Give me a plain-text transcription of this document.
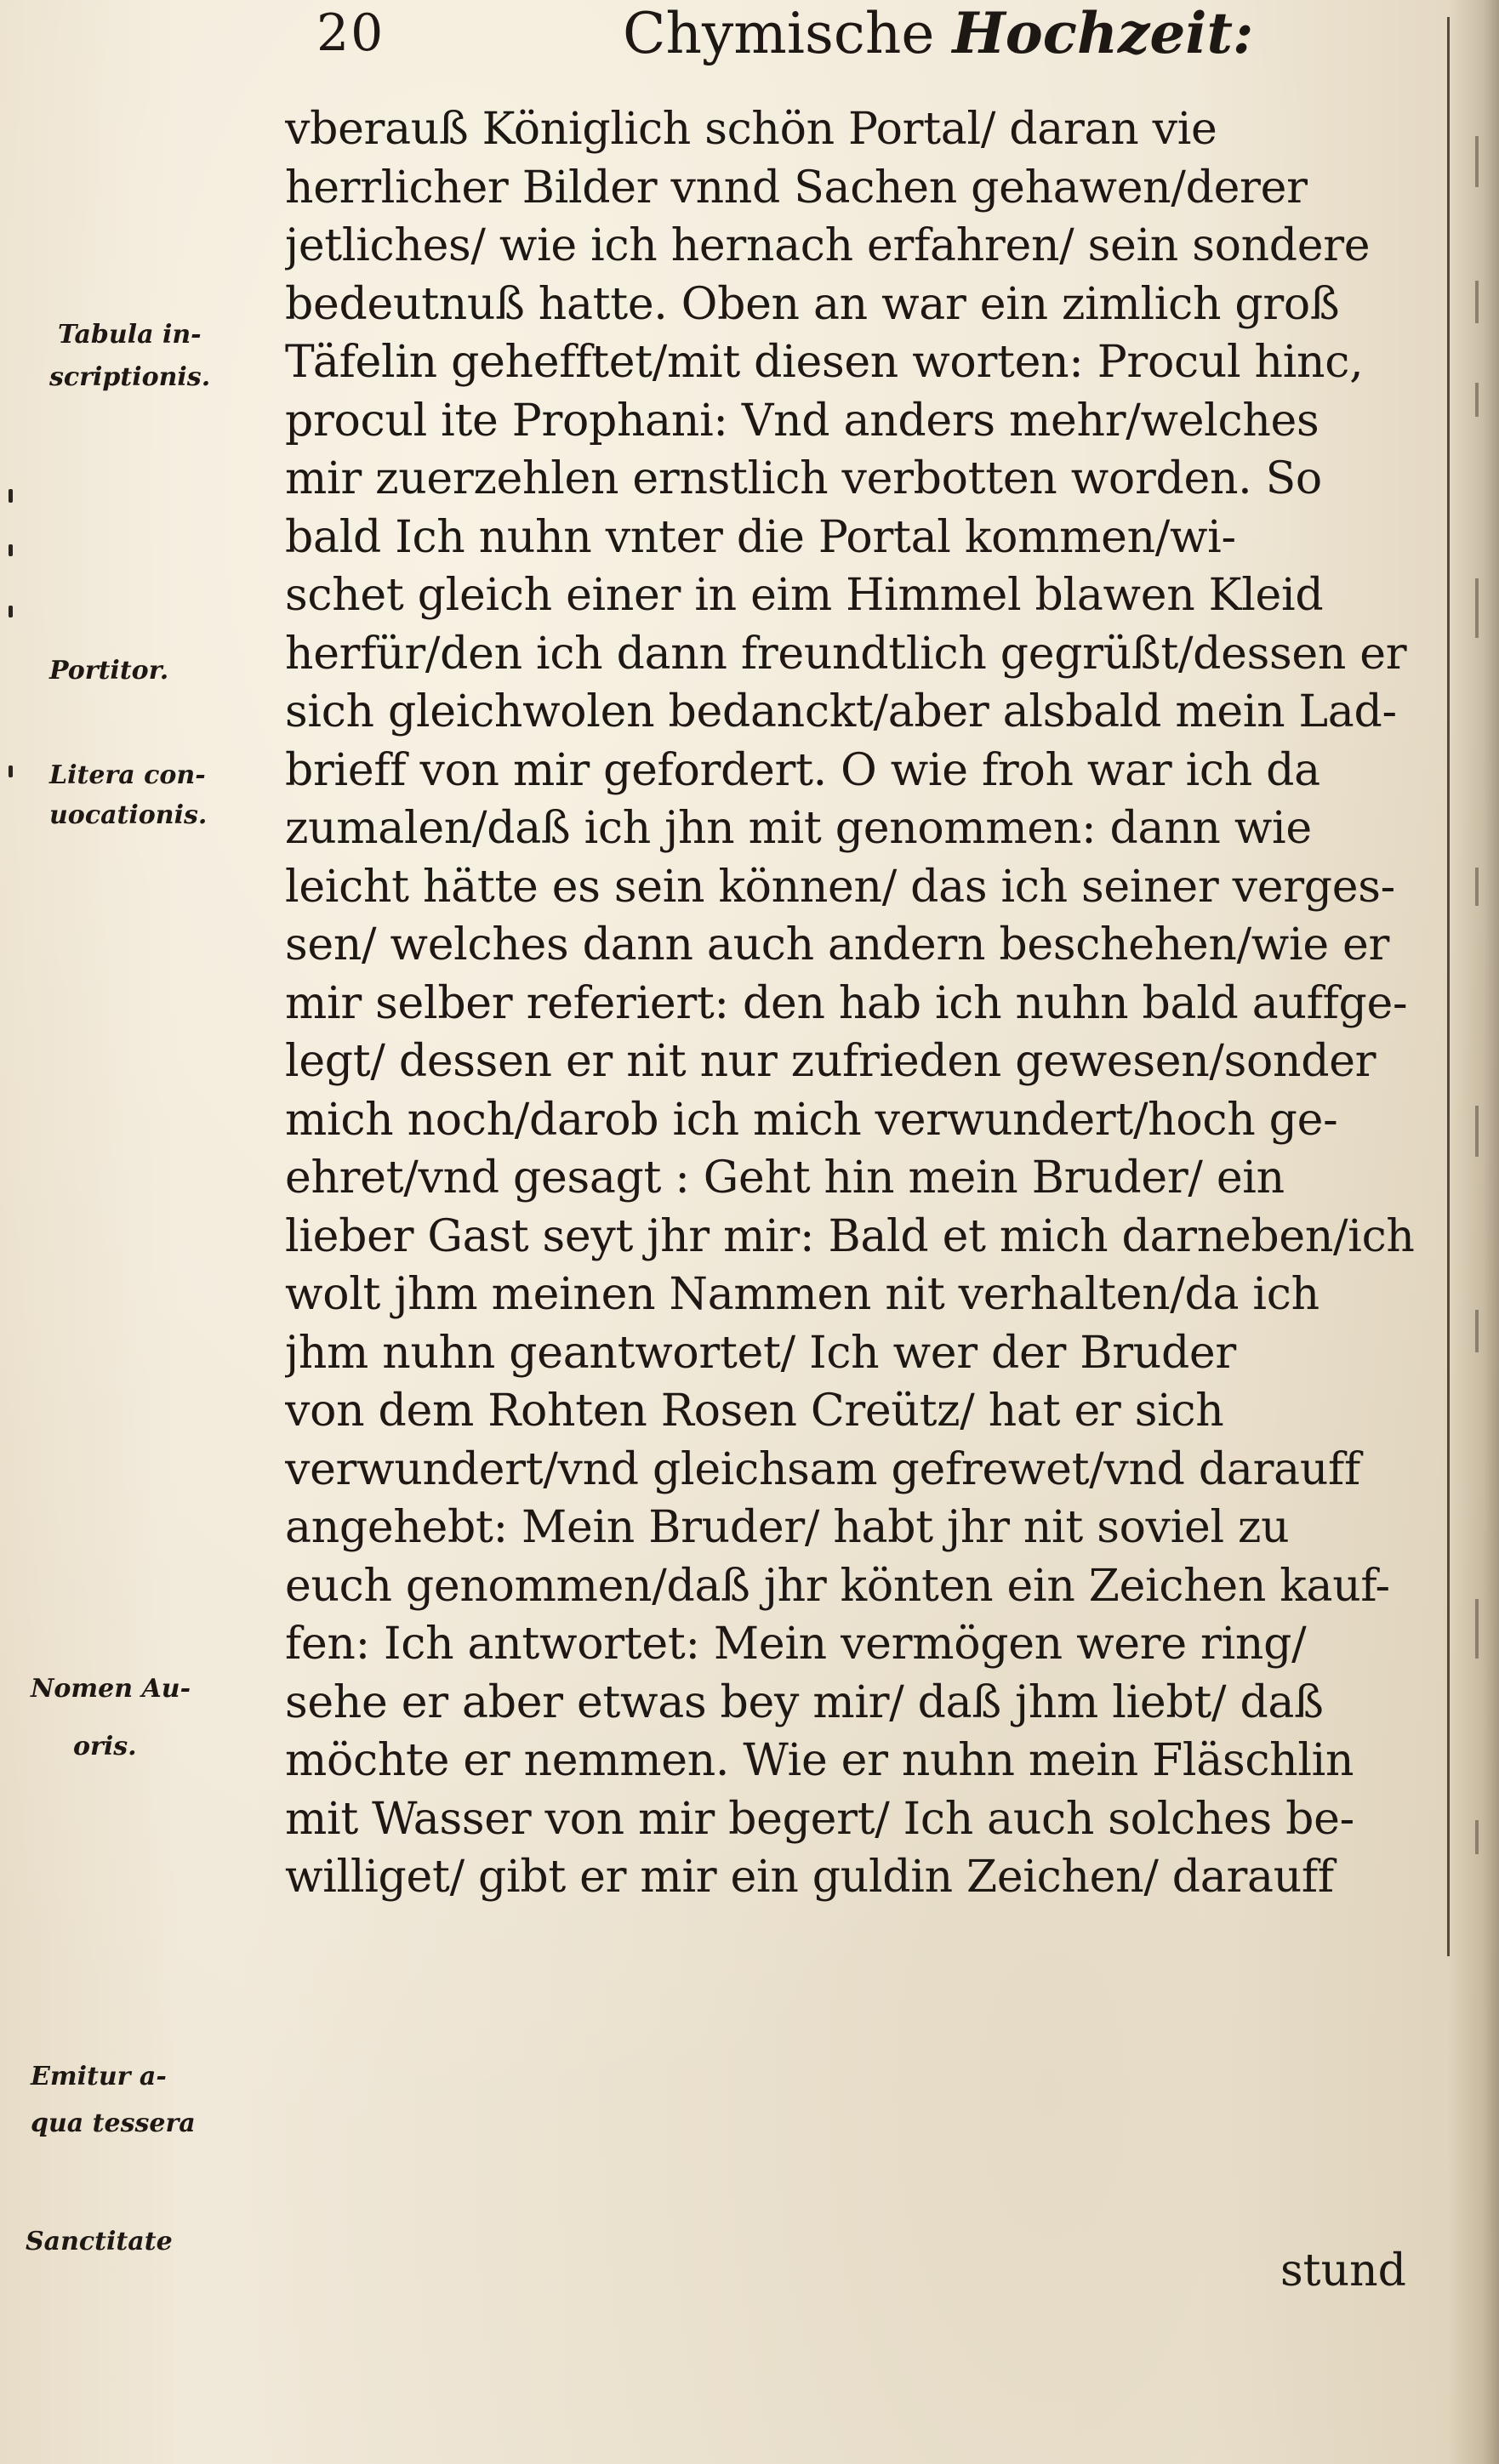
20	Chymische Hochzeit:
Tabula in-
scriptionis.
Portitor.
Litera con-
uocationis.
Nomen Au-
oris.
Emitur a-
qua tessera
Sanctitate
vberauß Königlich schön Portal/ daran vie
herrlicher Bilder vnnd Sachen gehawen/derer
jetliches/ wie ich hernach erfahren/ sein sondere
bedeutnuß hatte. Oben an war ein zimlich groß
Täfelin gehefftet/mit diesen worten: Procul hinc,
procul ite Prophani: Vnd anders mehr/welches
mir zuerzehlen ernstlich verbotten worden. So
bald Ich nuhn vnter die Portal kommen/wi-
schet gleich einer in eim Himmel blawen Kleid
herfür/den ich dann freundtlich gegrüßt/dessen er
sich gleichwolen bedanckt/aber alsbald mein Lad-
brieff von mir gefordert. O wie froh war ich da
zumalen/daß ich jhn mit genommen: dann wie
leicht hätte es sein können/ das ich seiner verges-
sen/ welches dann auch andern beschehen/wie er
mir selber referiert: den hab ich nuhn bald auffge-
legt/ dessen er nit nur zufrieden gewesen/sonder
mich noch/darob ich mich verwundert/hoch ge-
ehret/vnd gesagt : Geht hin mein Bruder/ ein
lieber Gast seyt jhr mir: Bald et mich darneben/ich
wolt jhm meinen Nammen nit verhalten/da ich
jhm nuhn geantwortet/ Ich wer der Bruder
von dem Rohten Rosen Creütz/ hat er sich
verwundert/vnd gleichsam gefrewet/vnd darauff
angehebt: Mein Bruder/ habt jhr nit soviel zu
euch genommen/daß jhr könten ein Zeichen kauf-
fen: Ich antwortet: Mein vermögen were ring/
sehe er aber etwas bey mir/ daß jhm liebt/ daß
möchte er nemmen. Wie er nuhn mein Fläschlin
mit Wasser von mir begert/ Ich auch solches be-
williget/ gibt er mir ein guldin Zeichen/ darauff
stund
